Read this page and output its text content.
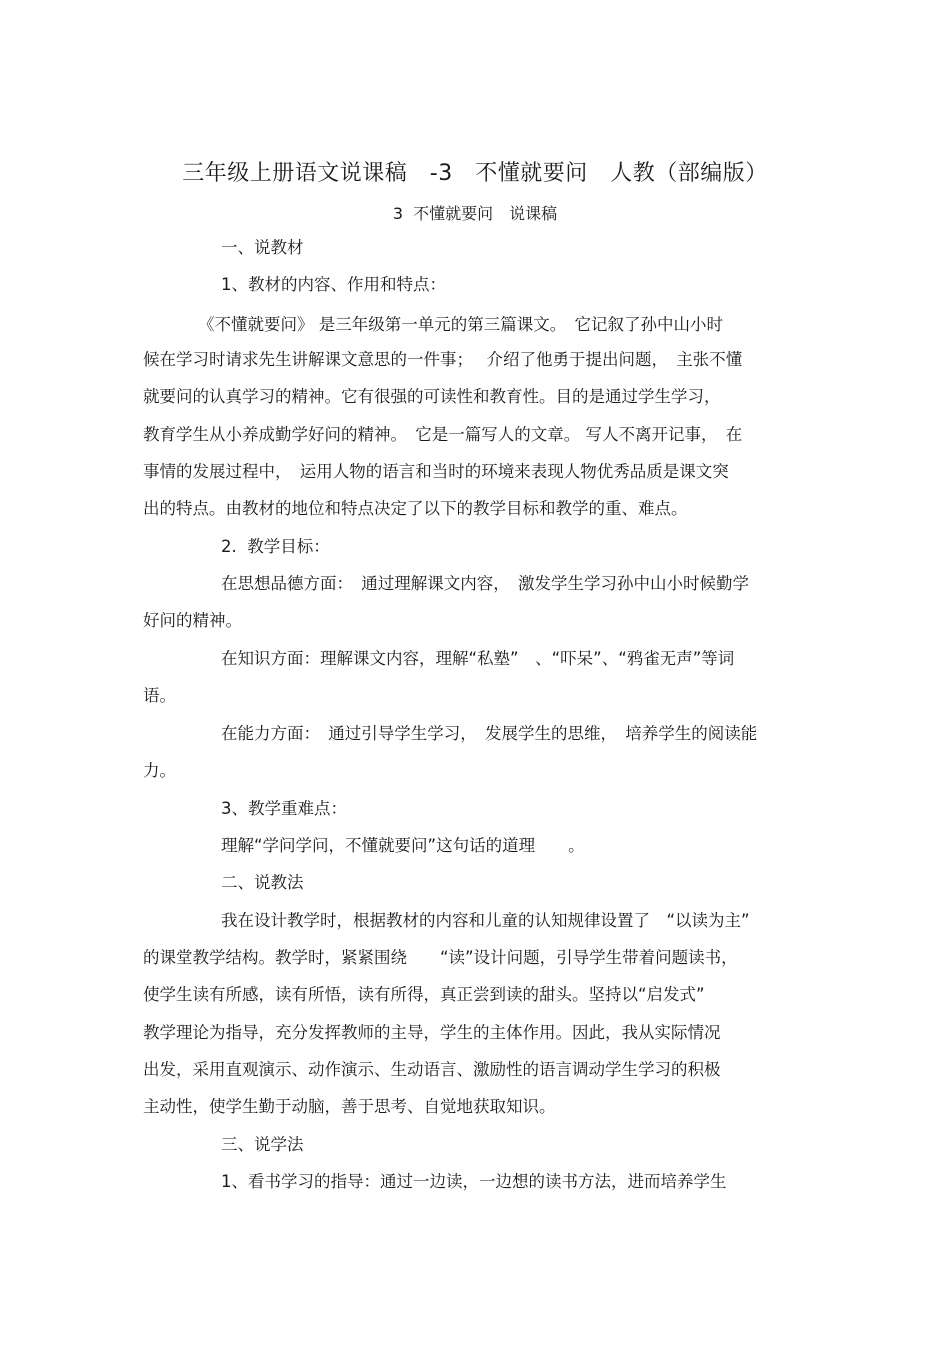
三年级上册语文说课稿　-3　不懂就要问　人教（部编版）
3  不懂就要问　说课稿
一、说教材
1、教材的内容、作用和特点：
《不懂就要问》 是三年级第一单元的第三篇课文。　它记叙了孙中山小时
候在学习时请求先生讲解课文意思的一件事；　 介绍了他勇于提出问题，　主张不懂
就要问的认真学习的精神。它有很强的可读性和教育性。目的是通过学生学习，
教育学生从小养成勤学好问的精神。　它是一篇写人的文章。 写人不离开记事，　在
事情的发展过程中，　运用人物的语言和当时的环境来表现人物优秀品质是课文突
出的特点。由教材的地位和特点决定了以下的教学目标和教学的重、难点。
2.  教学目标：
在思想品德方面：　通过理解课文内容，　激发学生学习孙中山小时候勤学
好问的精神。
在知识方面：理解课文内容，理解“私塾”　、“吓呆”、“鸦雀无声”等词
语。
在能力方面：　通过引导学生学习，　发展学生的思维，　培养学生的阅读能
力。
3、教学重难点：
理解“学问学问，不懂就要问”这句话的道理　　。
二、说教法
我在设计教学时，根据教材的内容和儿童的认知规律设置了　“以读为主”
的课堂教学结构。教学时，紧紧围绕　　“读”设计问题，引导学生带着问题读书，
使学生读有所感，读有所悟，读有所得，真正尝到读的甜头。坚持以“启发式”
教学理论为指导，充分发挥教师的主导，学生的主体作用。因此，我从实际情况
出发，采用直观演示、动作演示、生动语言、激励性的语言调动学生学习的积极
主动性，使学生勤于动脑，善于思考、自觉地获取知识。
三、说学法
1、看书学习的指导：通过一边读，一边想的读书方法，进而培养学生
